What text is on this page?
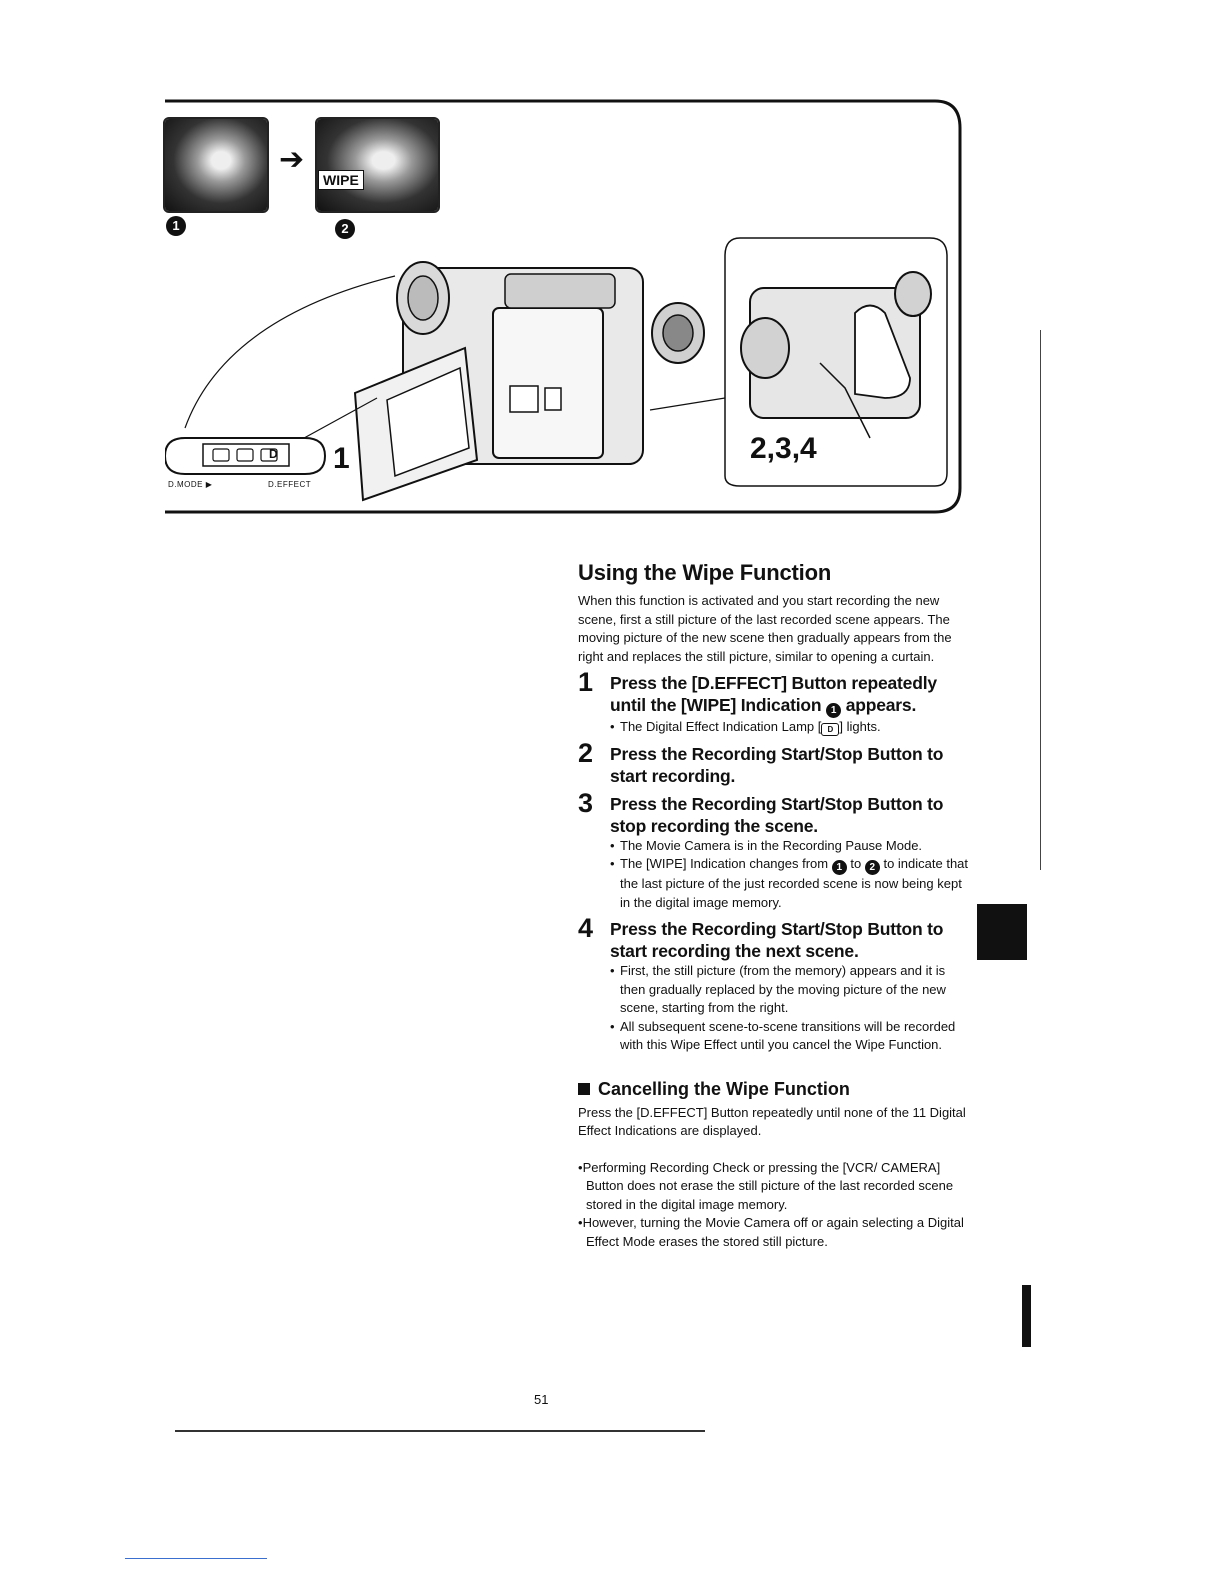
➔
WIPE
1	2
D 1	2,3,4
D.MODE ▶	D.EFFECT
Using the Wipe Function

When this function is activated and you start recording the new scene, first a still picture of the last recorded scene appears. The moving picture of the new scene then gradually appears from the right and replaces the still picture, similar to opening a curtain.

1 Press the [D.EFFECT] Button repeatedly until the [WIPE] Indication 1 appears.
• The Digital Effect Indication Lamp [ D ] lights.
2 Press the Recording Start/Stop Button to start recording.
3 Press the Recording Start/Stop Button to stop recording the scene.
• The Movie Camera is in the Recording Pause Mode.
• The [WIPE] Indication changes from 1 to 2 to indicate that the last picture of the just recorded scene is now being kept in the digital image memory.
4 Press the Recording Start/Stop Button to start recording the next scene.
• First, the still picture (from the memory) appears and it is then gradually replaced by the moving picture of the new scene, starting from the right.
• All subsequent scene-to-scene transitions will be recorded with this Wipe Effect until you cancel the Wipe Function.
Cancelling the Wipe Function

Press the [D.EFFECT] Button repeatedly until none of the 11 Digital Effect Indications are displayed.

•Performing Recording Check or pressing the [VCR/ CAMERA] Button does not erase the still picture of the last recorded scene stored in the digital image memory.
•However, turning the Movie Camera off or again selecting a Digital Effect Mode erases the stored still picture.
51
